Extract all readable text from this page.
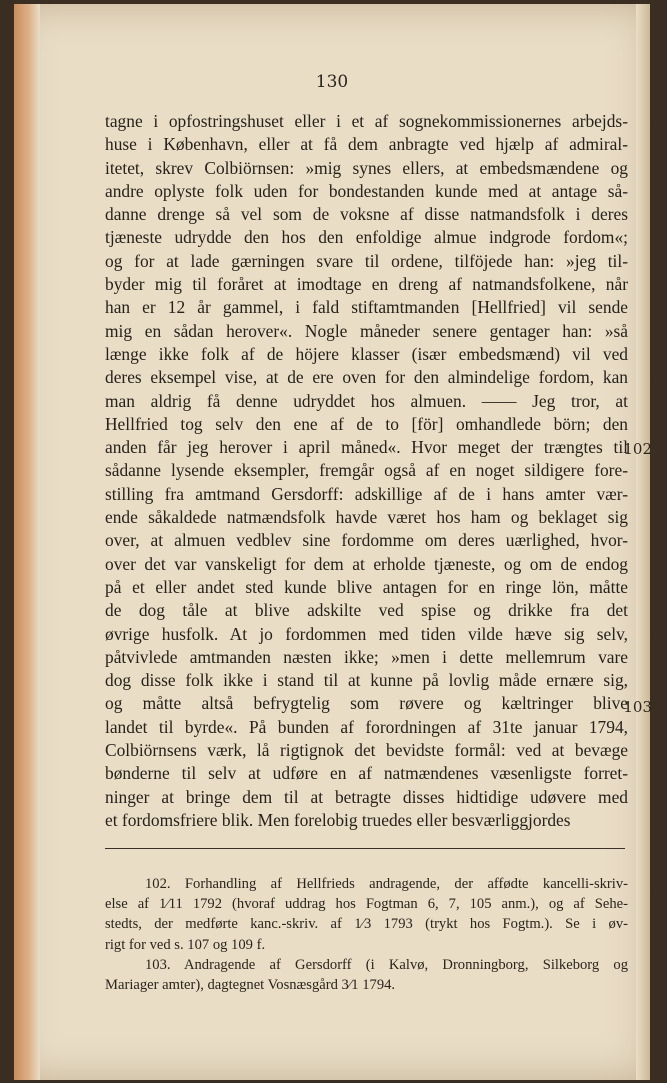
102
103
130
tagne i opfostringshuset eller i et af sognekommissionernes arbejds-
huse i København, eller at få dem anbragte ved hjælp af admiral-
itetet, skrev Colbiörnsen: »mig synes ellers, at embedsmændene og
andre oplyste folk uden for bondestanden kunde med at antage så-
danne drenge så vel som de voksne af disse natmandsfolk i deres
tjæneste udrydde den hos den enfoldige almue indgrode fordom«;
og for at lade gærningen svare til ordene, tilföjede han: »jeg til-
byder mig til foråret at imodtage en dreng af natmandsfolkene, når
han er 12 år gammel, i fald stiftamtmanden [Hellfried] vil sende
mig en sådan herover«. Nogle måneder senere gentager han: »så
længe ikke folk af de höjere klasser (især embedsmænd) vil ved
deres eksempel vise, at de ere oven for den almindelige fordom, kan
man aldrig få denne udryddet hos almuen. —— Jeg tror, at
Hellfried tog selv den ene af de to [för] omhandlede börn; den
anden får jeg herover i april måned«. Hvor meget der trængtes til
sådanne lysende eksempler, fremgår også af en noget sildigere fore-
stilling fra amtmand Gersdorff: adskillige af de i hans amter vær-
ende såkaldede natmændsfolk havde været hos ham og beklaget sig
over, at almuen vedblev sine fordomme om deres uærlighed, hvor-
over det var vanskeligt for dem at erholde tjæneste, og om de endog
på et eller andet sted kunde blive antagen for en ringe lön, måtte
de dog tåle at blive adskilte ved spise og drikke fra det
øvrige husfolk. At jo fordommen med tiden vilde hæve sig selv,
påtvivlede amtmanden næsten ikke; »men i dette mellemrum vare
dog disse folk ikke i stand til at kunne på lovlig måde ernære sig,
og måtte altså befrygtelig som røvere og kæltringer blive
landet til byrde«. På bunden af forordningen af 31te januar 1794,
Colbiörnsens værk, lå rigtignok det bevidste formål: ved at bevæge
bønderne til selv at udføre en af natmændenes væsenligste forret-
ninger at bringe dem til at betragte disses hidtidige udøvere med
et fordomsfriere blik. Men forelobig truedes eller besværliggjordes
102. Forhandling af Hellfrieds andragende, der affødte kancelli-skriv-
else af 1⁄11 1792 (hvoraf uddrag hos Fogtman 6, 7, 105 anm.), og af Sehe-
stedts, der medførte kanc.-skriv. af 1⁄3 1793 (trykt hos Fogtm.). Se i øv-
rigt for ved s. 107 og 109 f.
103. Andragende af Gersdorff (i Kalvø, Dronningborg, Silkeborg og
Mariager amter), dagtegnet Vosnæsgård 3⁄1 1794.
